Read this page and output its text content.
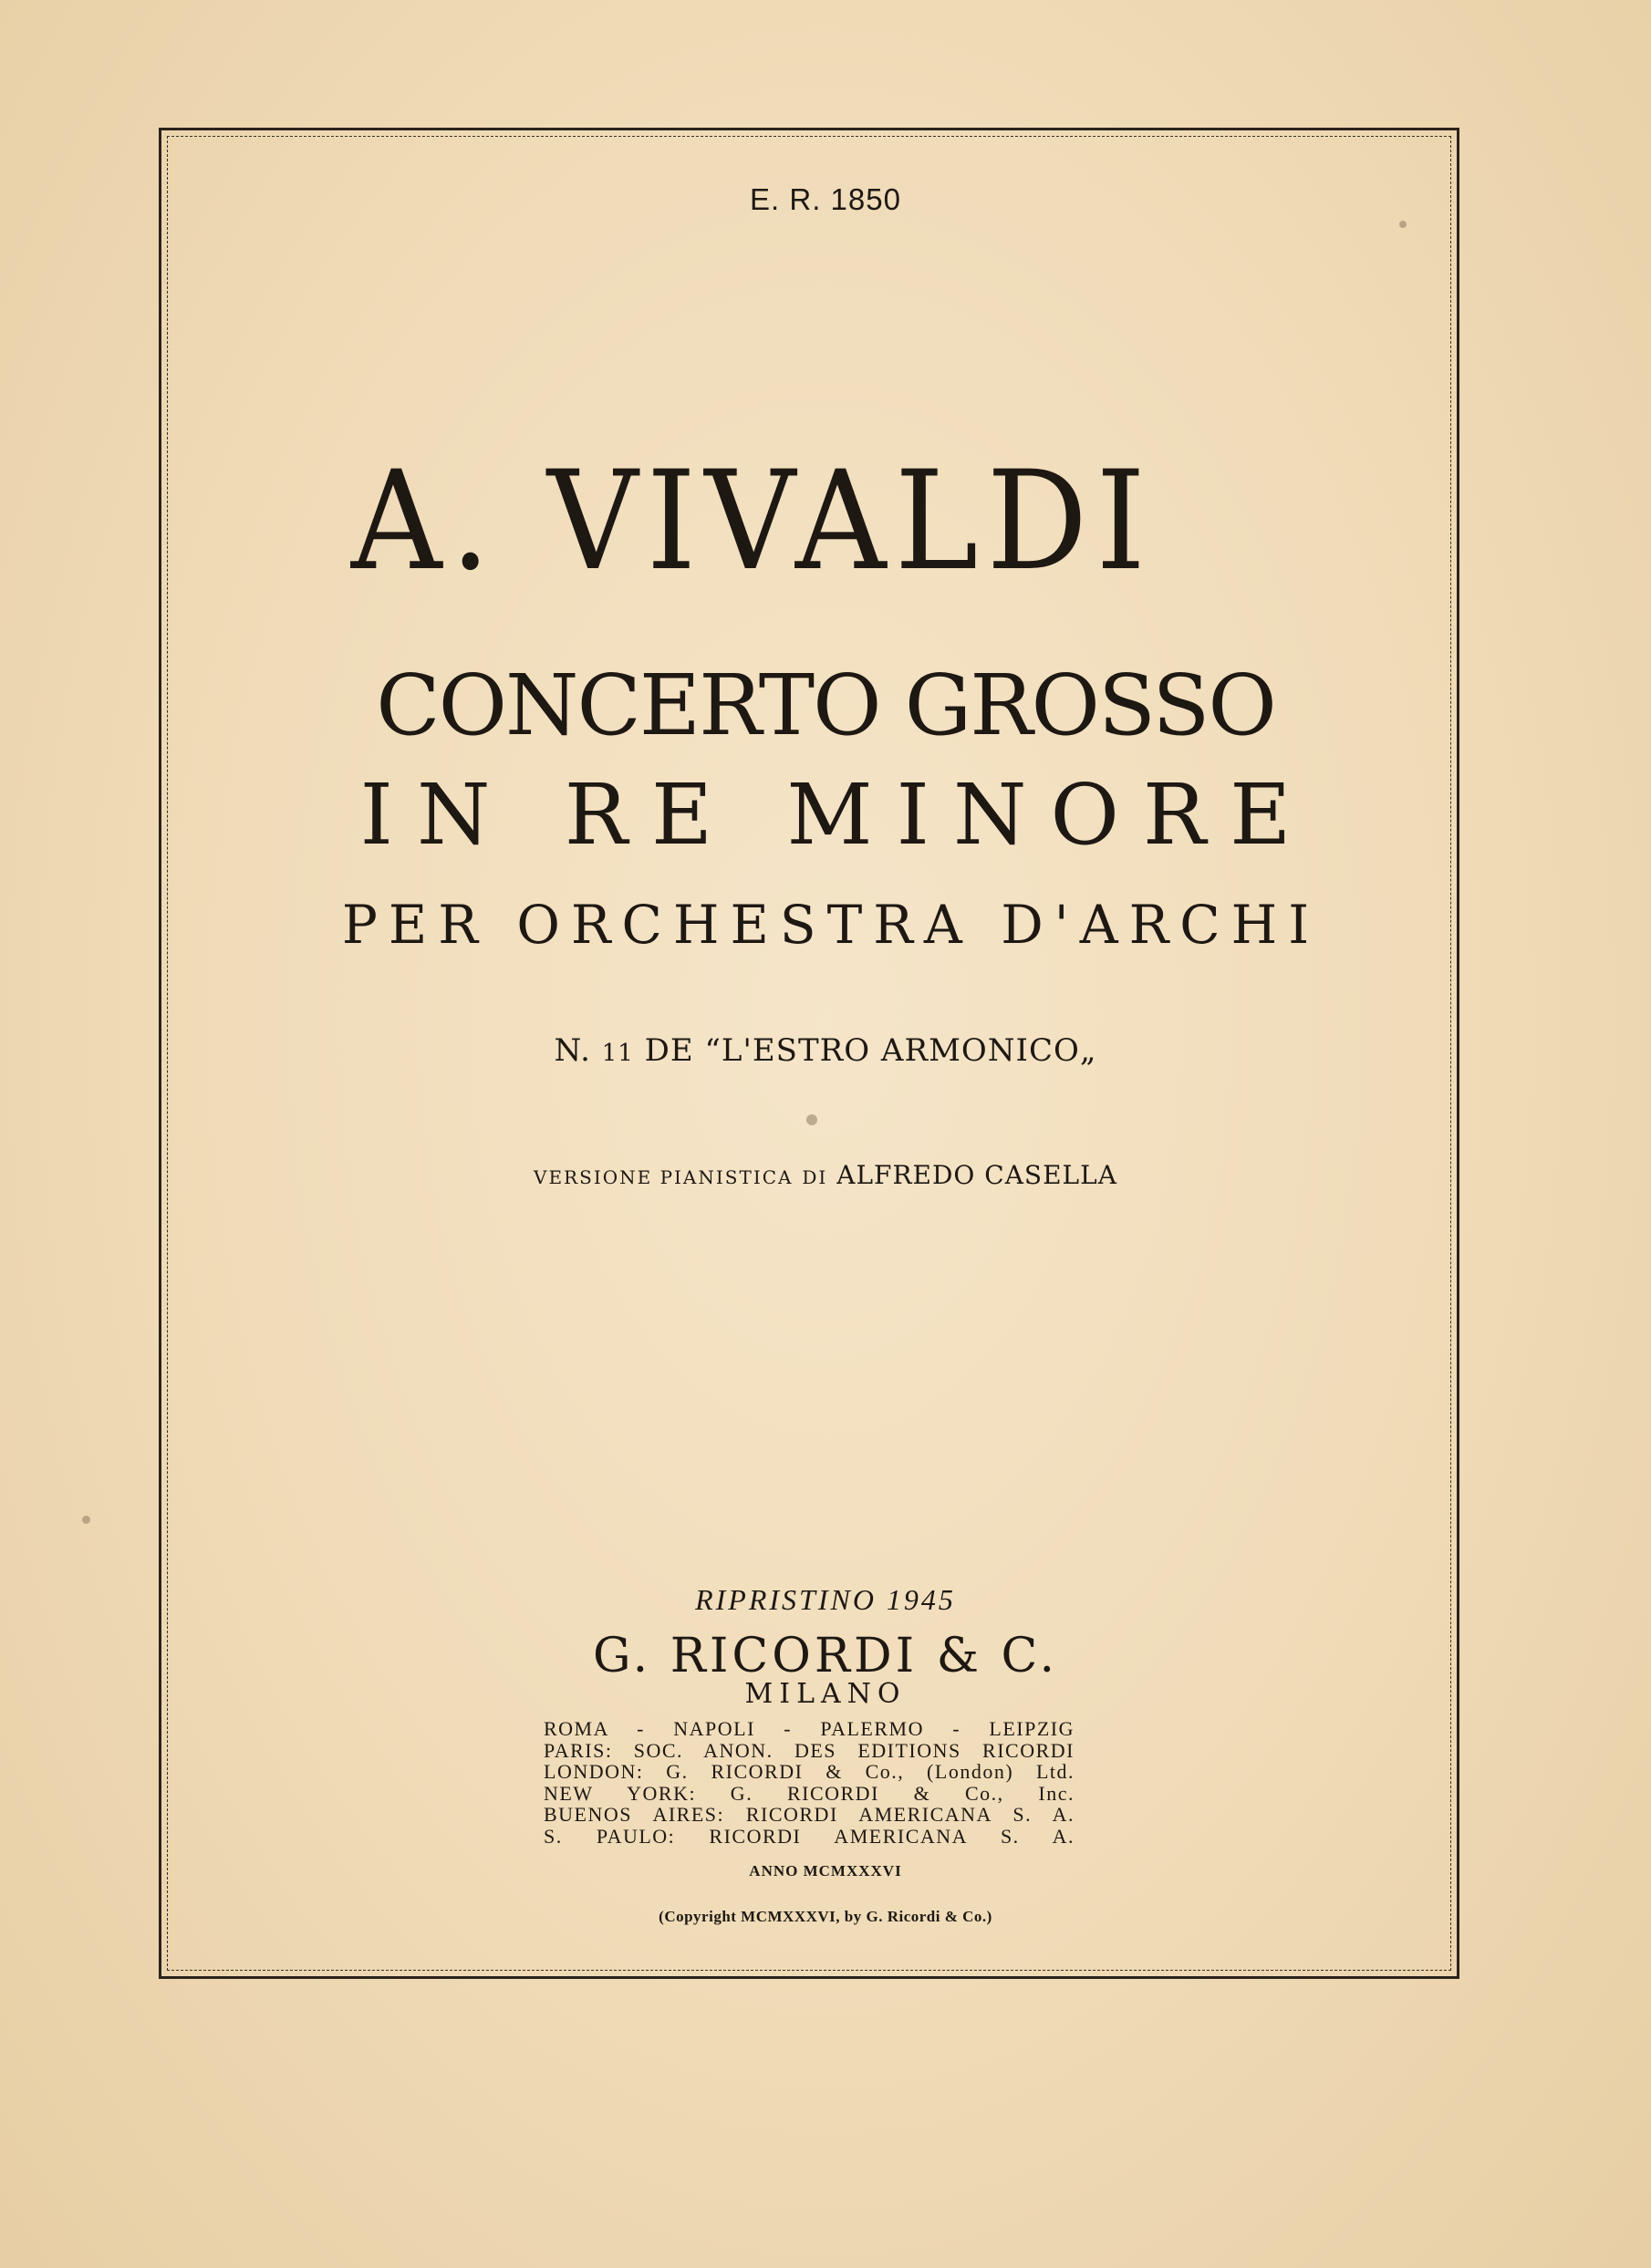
E. R. 1850
A. VIVALDI
CONCERTO GROSSO
IN RE MINORE
PER ORCHESTRA D'ARCHI
N. 11 DE “L'ESTRO ARMONICO„
VERSIONE PIANISTICA DI ALFREDO CASELLA
RIPRISTINO 1945
G. RICORDI & C.
MILANO
ROMA - NAPOLI - PALERMO - LEIPZIG
PARIS: SOC. ANON. DES EDITIONS RICORDI
LONDON: G. RICORDI & Co., (London) Ltd.
NEW YORK: G. RICORDI & Co., Inc.
BUENOS AIRES: RICORDI AMERICANA S. A.
S. PAULO: RICORDI AMERICANA S. A.
ANNO MCMXXXVI
(Copyright MCMXXXVI, by G. Ricordi & Co.)
